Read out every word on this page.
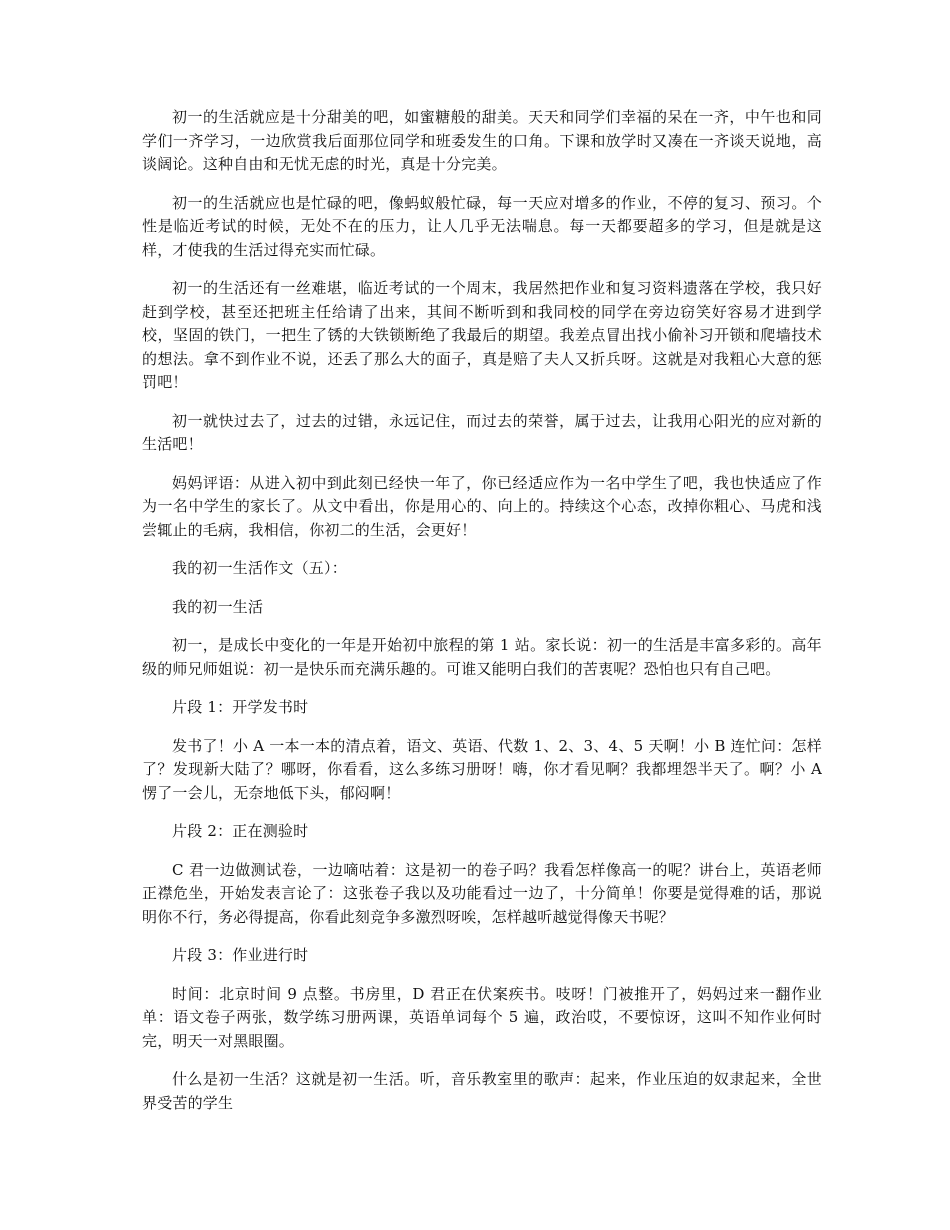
初一的生活就应是十分甜美的吧，如蜜糖般的甜美。天天和同学们幸福的呆在一齐，中午也和同学们一齐学习，一边欣赏我后面那位同学和班委发生的口角。下课和放学时又凑在一齐谈天说地，高谈阔论。这种自由和无忧无虑的时光，真是十分完美。

初一的生活就应也是忙碌的吧，像蚂蚁般忙碌，每一天应对增多的作业，不停的复习、预习。个性是临近考试的时候，无处不在的压力，让人几乎无法喘息。每一天都要超多的学习，但是就是这样，才使我的生活过得充实而忙碌。

初一的生活还有一丝难堪，临近考试的一个周末，我居然把作业和复习资料遗落在学校，我只好赶到学校，甚至还把班主任给请了出来，其间不断听到和我同校的同学在旁边窃笑好容易才进到学校，坚固的铁门，一把生了锈的大铁锁断绝了我最后的期望。我差点冒出找小偷补习开锁和爬墙技术的想法。拿不到作业不说，还丢了那么大的面子，真是赔了夫人又折兵呀。这就是对我粗心大意的惩罚吧！

初一就快过去了，过去的过错，永远记住，而过去的荣誉，属于过去，让我用心阳光的应对新的生活吧！

妈妈评语：从进入初中到此刻已经快一年了，你已经适应作为一名中学生了吧，我也快适应了作为一名中学生的家长了。从文中看出，你是用心的、向上的。持续这个心态，改掉你粗心、马虎和浅尝辄止的毛病，我相信，你初二的生活，会更好！

我的初一生活作文（五）：

我的初一生活

初一，是成长中变化的一年是开始初中旅程的第 1 站。家长说：初一的生活是丰富多彩的。高年级的师兄师姐说：初一是快乐而充满乐趣的。可谁又能明白我们的苦衷呢？恐怕也只有自己吧。

片段 1：开学发书时

发书了！小 A 一本一本的清点着，语文、英语、代数 1、2、3、4、5 天啊！小 B 连忙问：怎样了？发现新大陆了？哪呀，你看看，这么多练习册呀！嗨，你才看见啊？我都埋怨半天了。啊？小 A 愣了一会儿，无奈地低下头，郁闷啊！

片段 2：正在测验时

C 君一边做测试卷，一边嘀咕着：这是初一的卷子吗？我看怎样像高一的呢？讲台上，英语老师正襟危坐，开始发表言论了：这张卷子我以及功能看过一边了，十分简单！你要是觉得难的话，那说明你不行，务必得提高，你看此刻竞争多激烈呀唉，怎样越听越觉得像天书呢？

片段 3：作业进行时

时间：北京时间 9 点整。书房里，D 君正在伏案疾书。吱呀！门被推开了，妈妈过来一翻作业单：语文卷子两张，数学练习册两课，英语单词每个 5 遍，政治哎，不要惊讶，这叫不知作业何时完，明天一对黑眼圈。

什么是初一生活？这就是初一生活。听，音乐教室里的歌声：起来，作业压迫的奴隶起来，全世界受苦的学生
